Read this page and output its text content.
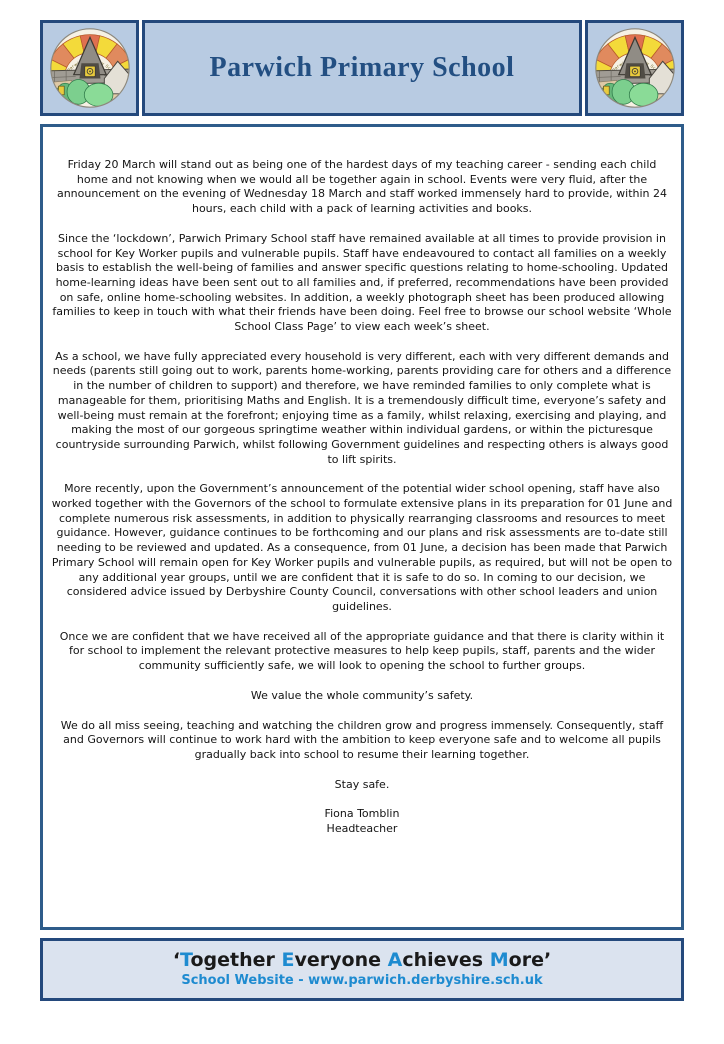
Parwich Primary School

Friday 20 March will stand out as being one of the hardest days of my teaching career - sending each child home and not knowing when we would all be together again in school. Events were very fluid, after the announcement on the evening of Wednesday 18 March and staff worked immensely hard to provide, within 24 hours, each child with a pack of learning activities and books.

Since the ‘lockdown’, Parwich Primary School staff have remained available at all times to provide provision in school for Key Worker pupils and vulnerable pupils. Staff have endeavoured to contact all families on a weekly basis to establish the well-being of families and answer specific questions relating to home-schooling. Updated home-learning ideas have been sent out to all families and, if preferred, recommendations have been provided on safe, online home-schooling websites. In addition, a weekly photograph sheet has been produced allowing families to keep in touch with what their friends have been doing. Feel free to browse our school website ‘Whole School Class Page’ to view each week’s sheet.

As a school, we have fully appreciated every household is very different, each with very different demands and needs (parents still going out to work, parents home-working, parents providing care for others and a difference in the number of children to support) and therefore, we have reminded families to only complete what is manageable for them, prioritising Maths and English. It is a tremendously difficult time, everyone’s safety and well-being must remain at the forefront; enjoying time as a family, whilst relaxing, exercising and playing, and making the most of our gorgeous springtime weather within individual gardens, or within the picturesque countryside surrounding Parwich, whilst following Government guidelines and respecting others is always good to lift spirits.

More recently, upon the Government’s announcement of the potential wider school opening, staff have also worked together with the Governors of the school to formulate extensive plans in its preparation for 01 June and complete numerous risk assessments, in addition to physically rearranging classrooms and resources to meet guidance. However, guidance continues to be forthcoming and our plans and risk assessments are to-date still needing to be reviewed and updated. As a consequence, from 01 June, a decision has been made that Parwich Primary School will remain open for Key Worker pupils and vulnerable pupils, as required, but will not be open to any additional year groups, until we are confident that it is safe to do so. In coming to our decision, we considered advice issued by Derbyshire County Council, conversations with other school leaders and union guidelines.

Once we are confident that we have received all of the appropriate guidance and that there is clarity within it for school to implement the relevant protective measures to help keep pupils, staff, parents and the wider community sufficiently safe, we will look to opening the school to further groups.

We value the whole community’s safety.

We do all miss seeing, teaching and watching the children grow and progress immensely. Consequently, staff and Governors will continue to work hard with the ambition to keep everyone safe and to welcome all pupils gradually back into school to resume their learning together.

Stay safe.

Fiona Tomblin

Headteacher

‘Together Everyone Achieves More’
School Website - www.parwich.derbyshire.sch.uk
